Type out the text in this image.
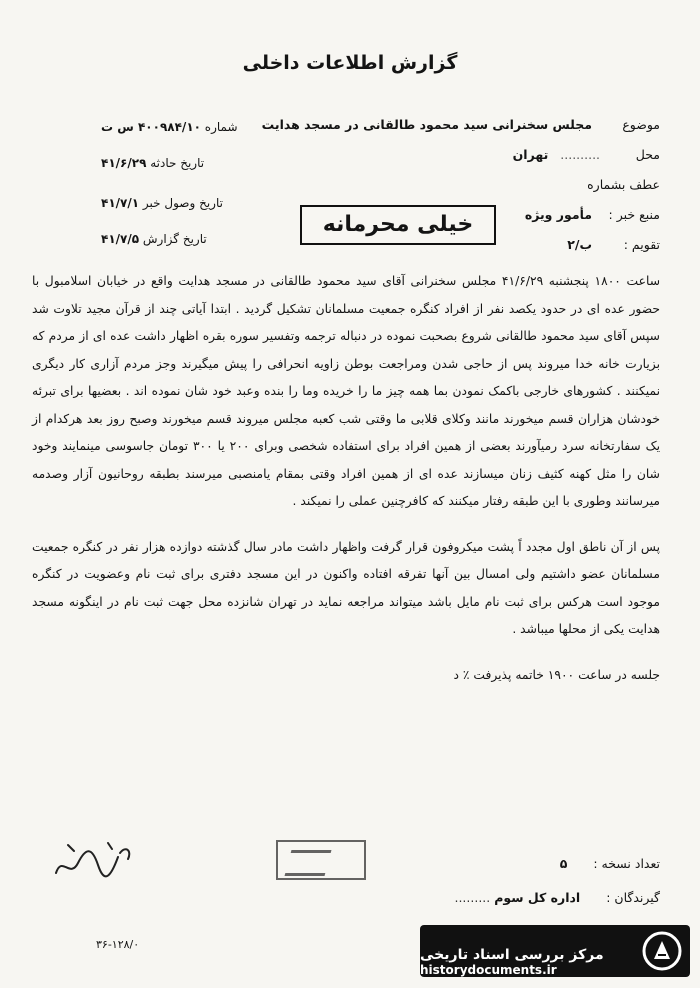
گزارش اطلاعات داخلی
موضوع مجلس سخنرانی سید محمود طالقانی در مسجد هدایت
محل .......... تهران
عطف بشماره
منبع خبر : مأمور ویژه
تقویم : ب/۲
شماره ۴۰۰۹۸۴/۱۰ س ت
تاریخ حادثه ۴۱/۶/۲۹
تاریخ وصول خبر ۴۱/۷/۱
تاریخ گزارش ۴۱/۷/۵
خیلی محرمانه

ساعت ۱۸۰۰ پنجشنبه ۴۱/۶/۲۹ مجلس سخنرانی آقای سید محمود طالقانی در مسجد هدایت واقع در خیابان اسلامبول با حضور عده ای در حدود یکصد نفر از افراد کنگره جمعیت مسلمانان تشکیل گردید . ابتدا آیاتی چند از قرآن مجید تلاوت شد سپس آقای سید محمود طالقانی شروع بصحبت نموده در دنباله ترجمه وتفسیر سوره بقره اظهار داشت عده ای از مردم که بزیارت خانه خدا میروند پس از حاجی شدن ومراجعت بوطن زاویه انحرافی را پیش میگیرند وجز مردم آزاری کار دیگری نمیکنند . کشورهای خارجی باکمک نمودن بما همه چیز ما را خریده وما را بنده وعبد خود شان نموده اند . بعضیها برای تبرئه خودشان هزاران قسم میخورند مانند وکلای قلابی ما وقتی شب کعبه مجلس میروند قسم میخورند وصبح روز بعد هرکدام از یک سفارتخانه سرد رمیآورند بعضی از همین افراد برای استفاده شخصی وبرای ۲۰۰ یا ۳۰۰ تومان جاسوسی مینمایند وخود شان را مثل کهنه کثیف زنان میسازند عده ای از همین افراد وقتی بمقام یامنصبی میرسند بطبقه روحانیون آزار وصدمه میرسانند وطوری با این طبقه رفتار میکنند که کافرچنین عملی را نمیکند .

پس از آن ناطق اول مجدد اً پشت میکروفون قرار گرفت واظهار داشت مادر سال گذشته دوازده هزار نفر در کنگره جمعیت مسلمانان عضو داشتیم ولی امسال بین آنها تفرقه افتاده واکنون در این مسجد دفتری برای ثبت نام وعضویت در کنگره موجود است هرکس برای ثبت نام مایل باشد میتواند مراجعه نماید در تهران شانزده محل جهت ثبت نام در اینگونه مسجد هدایت یکی از محلها میباشد .

جلسه در ساعت ۱۹۰۰ خاتمه پذیرفت ٪ د

تعداد نسخه : ۵
گیرندگان : اداره کل سوم .........
۳۶-۱۲۸/۰
مرکز بررسی اسناد تاریخی
historydocuments.ir
